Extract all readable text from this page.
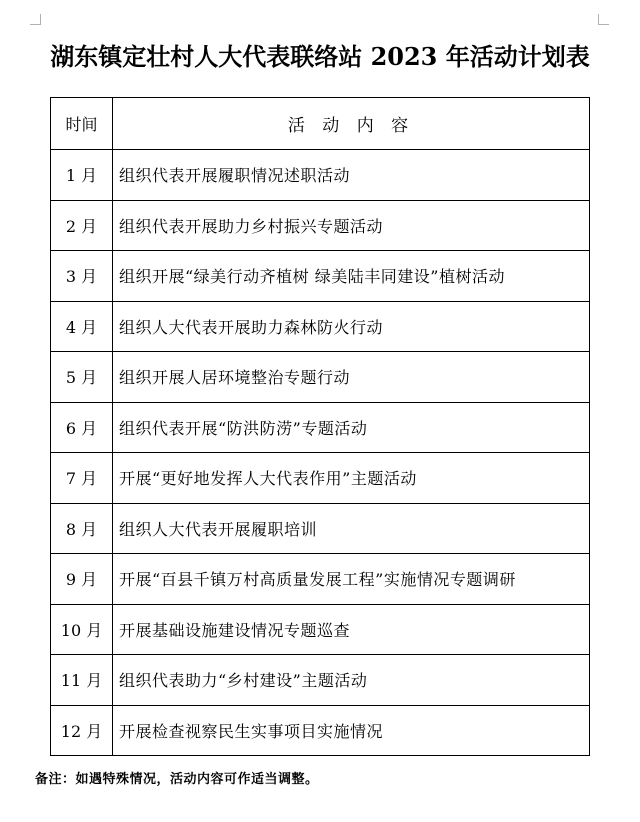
湖东镇定壮村人大代表联络站 2023 年活动计划表
时间	活 动 内 容
1 月	组织代表开展履职情况述职活动
2 月	组织代表开展助力乡村振兴专题活动
3 月	组织开展“绿美行动齐植树 绿美陆丰同建设”植树活动
4 月	组织人大代表开展助力森林防火行动
5 月	组织开展人居环境整治专题行动
6 月	组织代表开展“防洪防涝”专题活动
7 月	开展“更好地发挥人大代表作用”主题活动
8 月	组织人大代表开展履职培训
9 月	开展“百县千镇万村高质量发展工程”实施情况专题调研
10 月	开展基础设施建设情况专题巡查
11 月	组织代表助力“乡村建设”主题活动
12 月	开展检查视察民生实事项目实施情况
备注：如遇特殊情况，活动内容可作适当调整。
